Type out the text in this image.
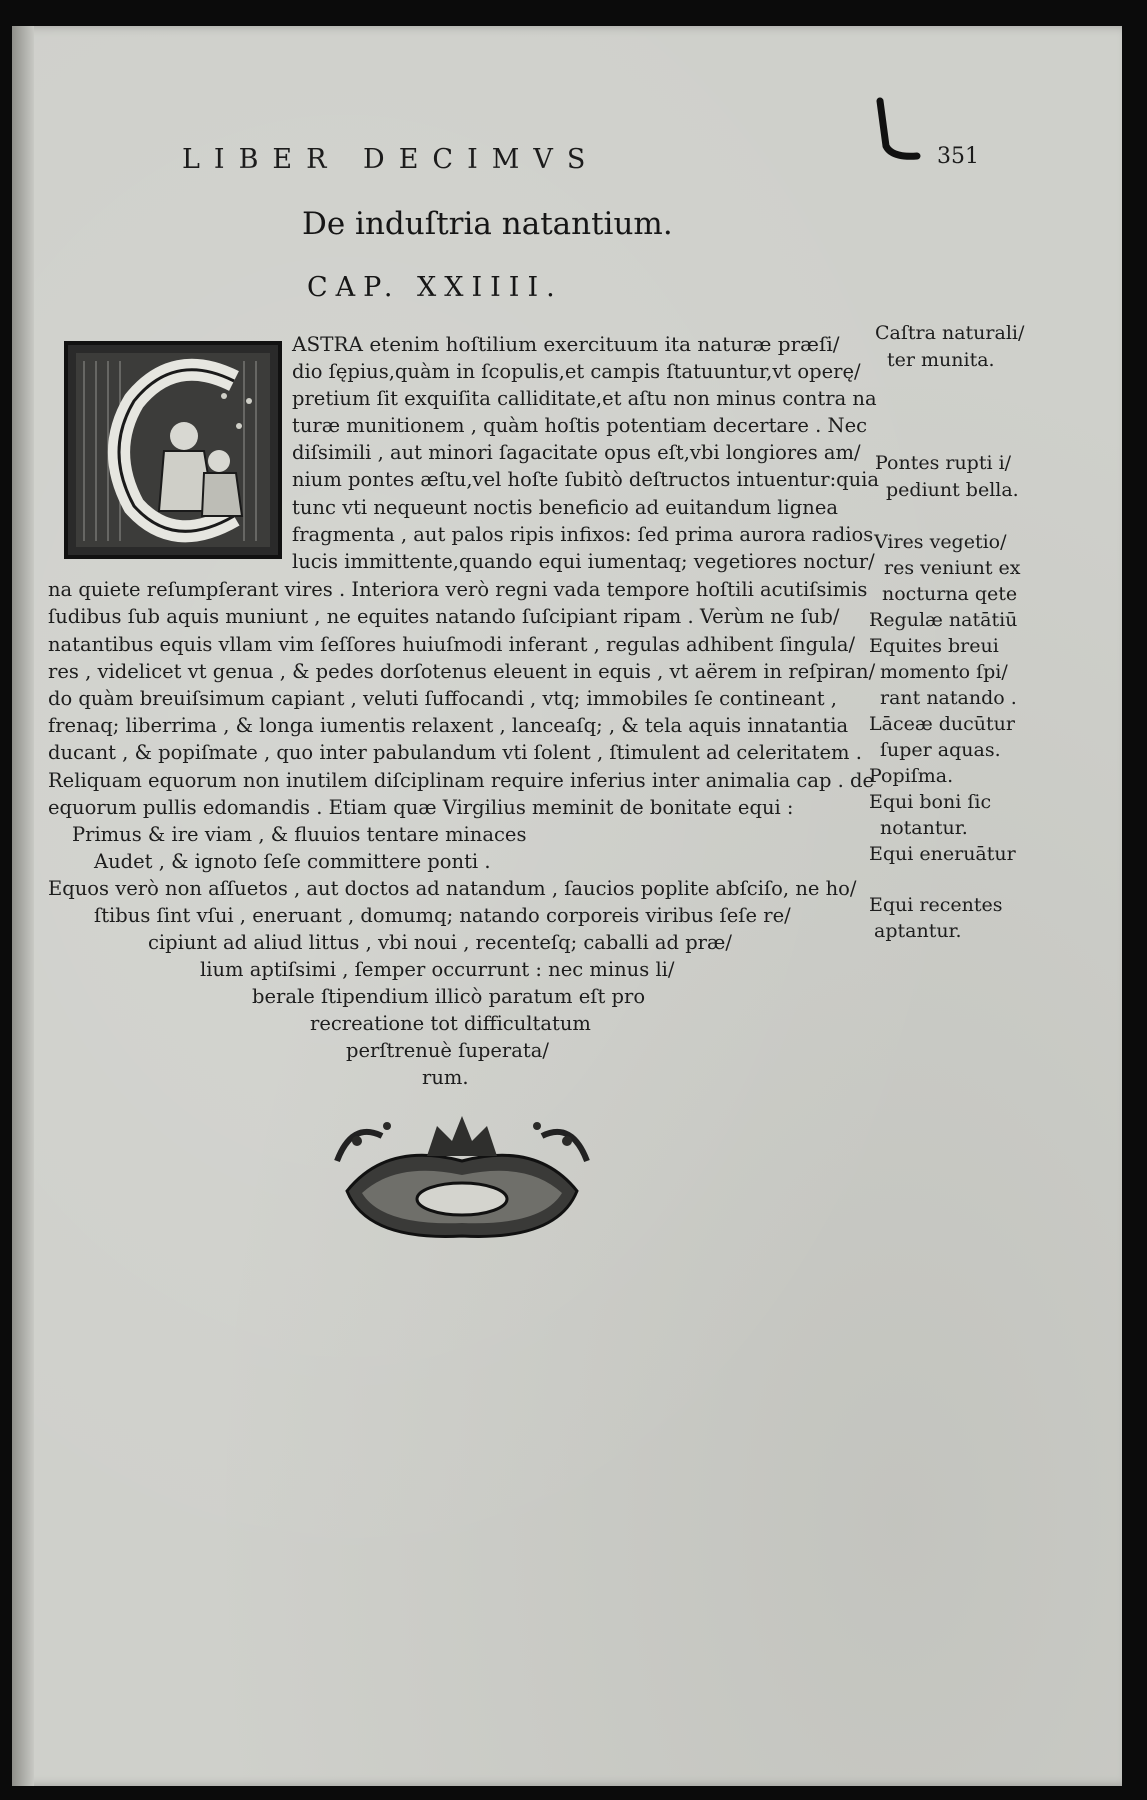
LIBER DECIMVS	351
De induſtria natantium.
CAP. XXIIII.
ASTRA etenim hoſtilium exercituum ita naturæ præſi/
dio ſępius,quàm in ſcopulis,et campis ſtatuuntur,vt operę/
pretium ſit exquiſita calliditate,et aſtu non minus contra na
turæ munitionem , quàm hoſtis potentiam decertare . Nec
diſsimili , aut minori ſagacitate opus eſt,vbi longiores am/
nium pontes æſtu,vel hoſte ſubitò deſtructos intuentur:quia
tunc vti nequeunt noctis beneficio ad euitandum lignea
fragmenta , aut palos ripis infixos: ſed prima aurora radios
lucis immittente,quando equi iumentaq; vegetiores noctur/
na quiete reſumpſerant vires . Interiora verò regni vada tempore hoſtili acutiſsimis
ſudibus ſub aquis muniunt , ne equites natando ſuſcipiant ripam . Verùm ne ſub/
natantibus equis vllam vim ſeſſores huiuſmodi inferant , regulas adhibent ſingula/
res , videlicet vt genua , & pedes dorſotenus eleuent in equis , vt aërem in reſpiran/
do quàm breuiſsimum capiant , veluti ſuffocandi , vtq; immobiles ſe contineant ,
frenaq; liberrima , & longa iumentis relaxent , lanceaſq; , & tela aquis innatantia
ducant , & popiſmate , quo inter pabulandum vti ſolent , ſtimulent ad celeritatem .
Reliquam equorum non inutilem diſciplinam require inferius inter animalia cap . de
equorum pullis edomandis . Etiam quæ Virgilius meminit de bonitate equi :
Primus & ire viam , & fluuios tentare minaces
Audet , & ignoto ſeſe committere ponti .
Equos verò non aſſuetos , aut doctos ad natandum , ſaucios poplite abſciſo, ne ho/
ſtibus ſint vſui , eneruant , domumq; natando corporeis viribus ſeſe re/
cipiunt ad aliud littus , vbi noui , recenteſq; caballi ad præ/
lium aptiſsimi , ſemper occurrunt : nec minus li/
berale ſtipendium illicò paratum eſt pro
recreatione tot difficultatum
perſtrenuè ſuperata/
rum.
Caſtra naturali/
ter munita.
Pontes rupti i/
pediunt bella.
Vires vegetio/
res veniunt ex
nocturna qete
Regulæ natātiū
Equites breui
momento ſpi/
rant natando .
Lāceæ ducūtur
ſuper aquas.
Popiſma.
Equi boni ſic
notantur.
Equi eneruātur
Equi recentes
aptantur.
